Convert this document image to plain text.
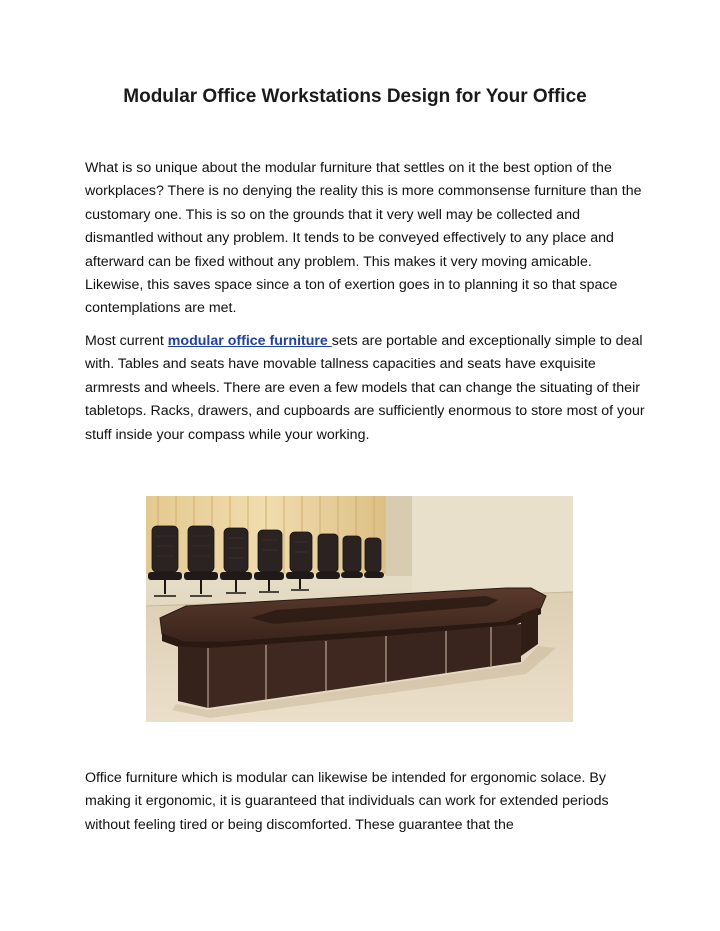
Modular Office Workstations Design for Your Office

What is so unique about the modular furniture that settles on it the best option of the workplaces? There is no denying the reality this is more commonsense furniture than the customary one. This is so on the grounds that it very well may be collected and dismantled without any problem. It tends to be conveyed effectively to any place and afterward can be fixed without any problem. This makes it very moving amicable. Likewise, this saves space since a ton of exertion goes in to planning it so that space contemplations are met.

Most current modular office furniture sets are portable and exceptionally simple to deal with. Tables and seats have movable tallness capacities and seats have exquisite armrests and wheels. There are even a few models that can change the situating of their tabletops. Racks, drawers, and cupboards are sufficiently enormous to store most of your stuff inside your compass while your working.

Office furniture which is modular can likewise be intended for ergonomic solace. By making it ergonomic, it is guaranteed that individuals can work for extended periods without feeling tired or being discomforted. These guarantee that the
